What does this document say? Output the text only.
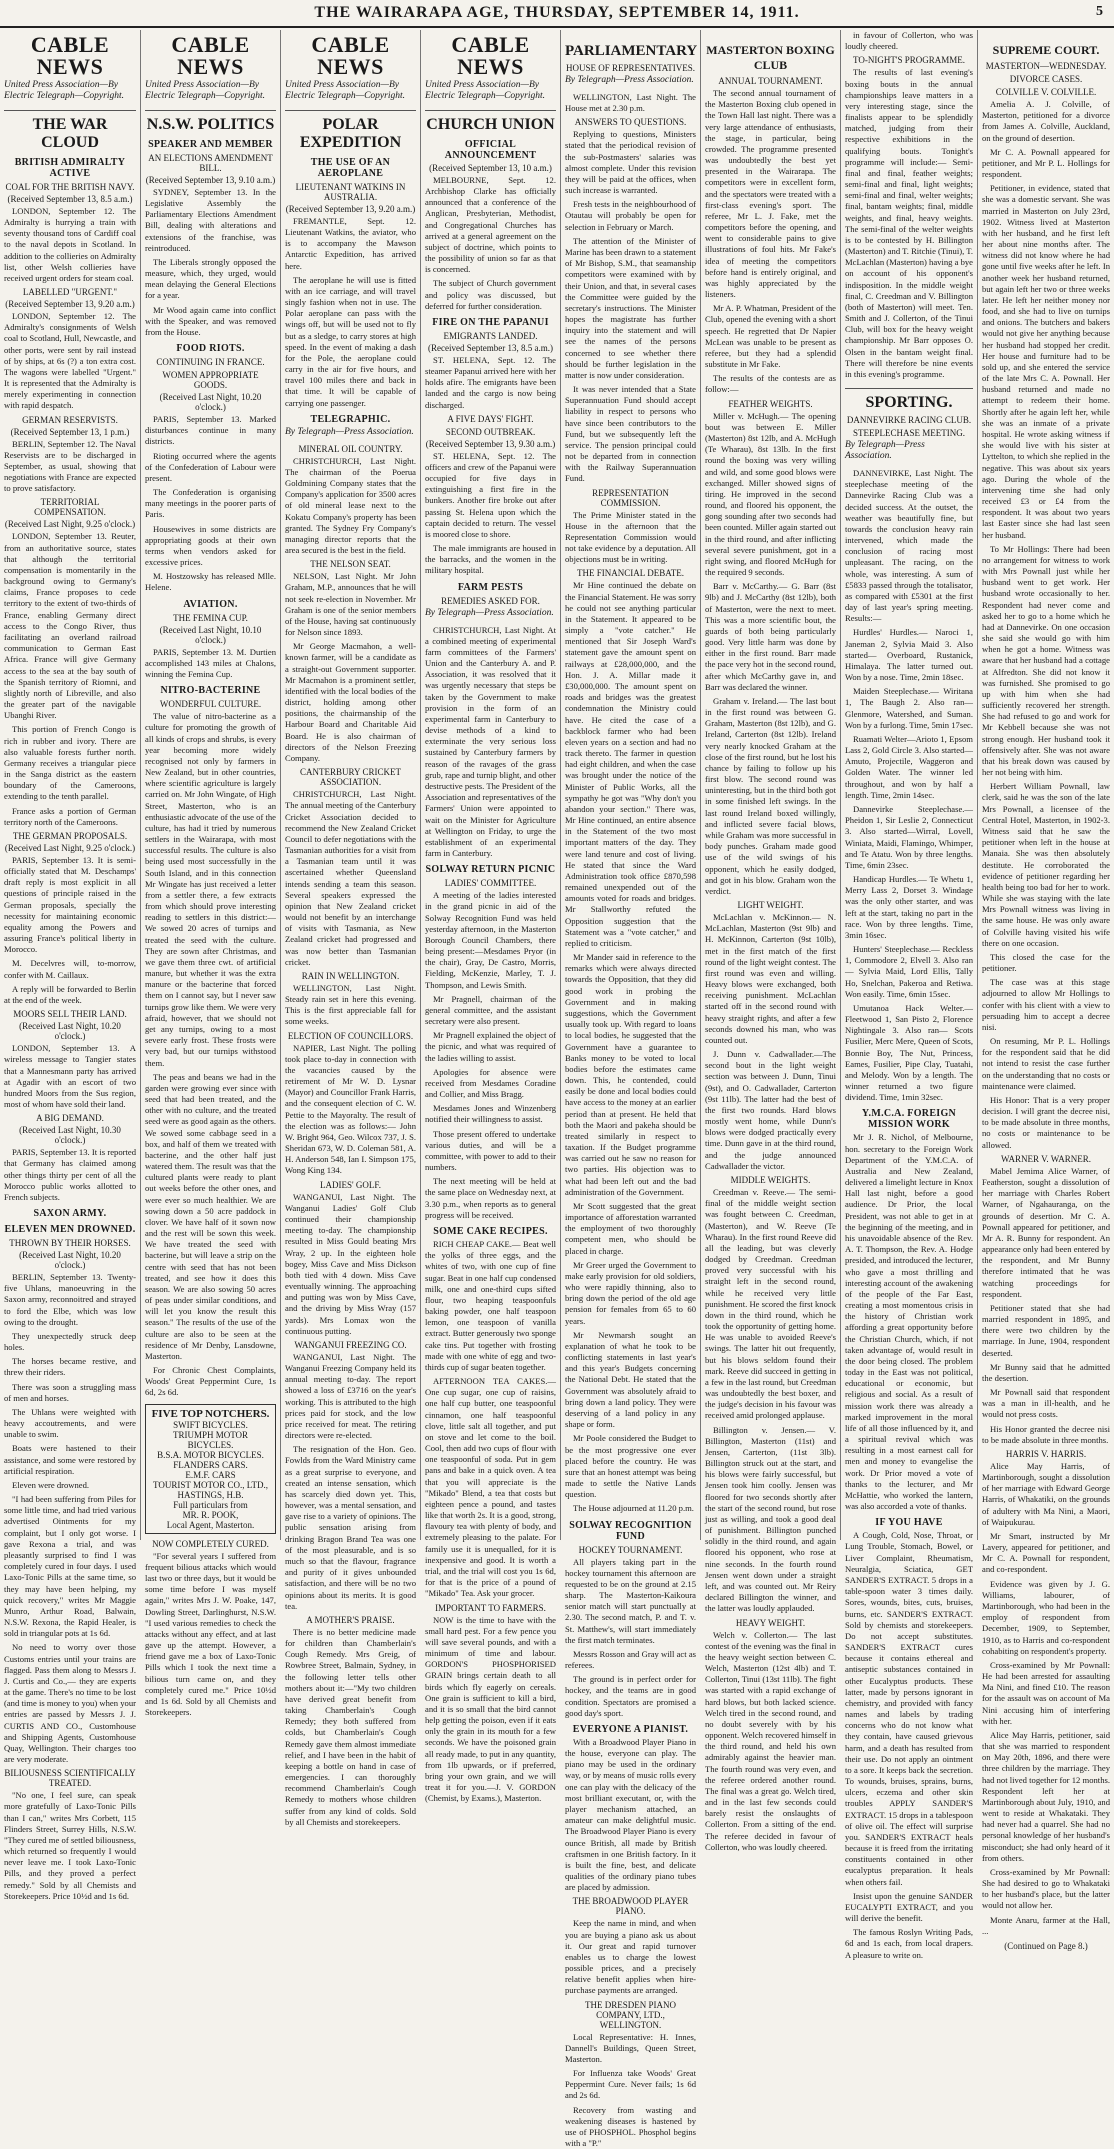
THE WAIRARAPA AGE, THURSDAY, SEPTEMBER 14, 1911.	5
CABLE NEWS
United Press Association—By Electric Telegraph—Copyright.
THE WAR CLOUD
BRITISH ADMIRALTY ACTIVE
COAL FOR THE BRITISH NAVY.
(Received September 13, 8.5 a.m.)

LONDON, September 12. The Admiralty is hurrying a train with seventy thousand tons of Cardiff coal to the naval depots in Scotland. In addition to the collieries on Admiralty list, other Welsh collieries have received urgent orders for steam coal.

LABELLED "URGENT."
(Received September 13, 9.20 a.m.)

LONDON, September 12. The Admiralty's consignments of Welsh coal to Scotland, Hull, Newcastle, and other ports, were sent by rail instead of by ships, at 6s (?) a ton extra cost. The wagons were labelled "Urgent." It is represented that the Admiralty is merely experimenting in connection with rapid despatch.

GERMAN RESERVISTS.
(Received September 13, 1 p.m.)

BERLIN, September 12. The Naval Reservists are to be discharged in September, as usual, showing that negotiations with France are expected to prove satisfactory.

TERRITORIAL COMPENSATION.
(Received Last Night, 9.25 o'clock.)

LONDON, September 13. Reuter, from an authoritative source, states that although the territorial compensation is momentarily in the background owing to Germany's claims, France proposes to cede territory to the extent of two-thirds of France, enabling Germany direct access to the Congo River, thus facilitating an overland railroad communication to German East Africa. France will give Germany access to the sea at the bay south of the Spanish territory of Riomni, and slightly north of Libreville, and also the greater part of the navigable Ubanghi River.

This portion of French Congo is rich in rubber and ivory. There are also valuable forests further north. Germany receives a triangular piece in the Sanga district as the eastern boundary of the Cameroons, extending to the tenth parallel.

France asks a portion of German territory north of the Cameroons.

THE GERMAN PROPOSALS.
(Received Last Night, 9.25 o'clock.)

PARIS, September 13. It is semi-officially stated that M. Deschamps' draft reply is most explicit in all questions of principle raised in the German proposals, specially the necessity for maintaining economic equality among the Powers and assuring France's political liberty in Morocco.

M. Decelvres will, to-morrow, confer with M. Caillaux.

A reply will be forwarded to Berlin at the end of the week.

MOORS SELL THEIR LAND.
(Received Last Night, 10.20 o'clock.)

LONDON, September 13. A wireless message to Tangier states that a Mannesmann party has arrived at Agadir with an escort of two hundred Moors from the Sus region, most of whom have sold their land.

A BIG DEMAND.
(Received Last Night, 10.30 o'clock.)

PARIS, September 13. It is reported that Germany has claimed among other things thirty per cent of all the Morocco public works allotted to French subjects.

SAXON ARMY.
ELEVEN MEN DROWNED.
THROWN BY THEIR HORSES.
(Received Last Night, 10.20 o'clock.)

BERLIN, September 13. Twenty-five Uhlans, manoeuvring in the Saxon army, reconnoitred and strayed to ford the Elbe, which was low owing to the drought.

They unexpectedly struck deep holes.

The horses became restive, and threw their riders.

There was soon a struggling mass of men and horses.

The Uhlans were weighted with heavy accoutrements, and were unable to swim.

Boats were hastened to their assistance, and some were restored by artificial respiration.

Eleven were drowned.

"I had been suffering from Piles for some little time, and had tried various advertised Ointments for my complaint, but I only got worse. I gave Rexona a trial, and was pleasantly surprised to find I was completely cured in four days. I used Laxo-Tonic Pills at the same time, so they may have been helping, my quick recovery," writes Mr Maggie Munro, Arthur Road, Balwain, N.S.W. Rexona, the Rapid Healer, is sold in triangular pots at 1s 6d.

No need to worry over those Customs entries until your trains are flagged. Pass them along to Messrs J. J. Curtis and Co.,— they are experts at the game. There's no time to be lost (and time is money to you) when your entries are passed by Messrs J. J. CURTIS AND CO., Customhouse and Shipping Agents, Customhouse Quay, Wellington. Their charges too are very moderate.

BILIOUSNESS SCIENTIFICALLY TREATED.

"No one, I feel sure, can speak more gratefully of Laxo-Tonic Pills than I can," writes Mrs Corbett, 115 Flinders Street, Surrey Hills, N.S.W. "They cured me of settled biliousness, which returned so frequently I would never leave me. I took Laxo-Tonic Pills, and they proved a perfect remedy." Sold by all Chemists and Storekeepers. Price 10½d and 1s 6d.

CABLE NEWS
United Press Association—By Electric Telegraph—Copyright.
N.S.W. POLITICS
SPEAKER AND MEMBER
AN ELECTIONS AMENDMENT BILL.
(Received September 13, 9.10 a.m.)

SYDNEY, September 13. In the Legislative Assembly the Parliamentary Elections Amendment Bill, dealing with alterations and extensions of the franchise, was reintroduced.

The Liberals strongly opposed the measure, which, they urged, would mean delaying the General Elections for a year.

Mr Wood again came into conflict with the Speaker, and was removed from the House.

FOOD RIOTS.
CONTINUING IN FRANCE.
WOMEN APPROPRIATE GOODS.
(Received Last Night, 10.20 o'clock.)

PARIS, September 13. Marked disturbances continue in many districts.

Rioting occurred where the agents of the Confederation of Labour were present.

The Confederation is organising many meetings in the poorer parts of Paris.

Housewives in some districts are appropriating goods at their own terms when vendors asked for excessive prices.

M. Hostzowsky has released Mlle. Helene.

AVIATION.
THE FEMINA CUP.
(Received Last Night, 10.10 o'clock.)

PARIS, September 13. M. Durtien accomplished 143 miles at Chalons, winning the Femina Cup.

NITRO-BACTERINE
WONDERFUL CULTURE.

The value of nitro-bacterine as a culture for promoting the growth of all kinds of crops and shrubs, is every year becoming more widely recognised not only by farmers in New Zealand, but in other countries, where scientific agriculture is largely carried on. Mr John Wingate, of High Street, Masterton, who is an enthusiastic advocate of the use of the culture, has had it tried by numerous settlers in the Wairarapa, with most successful results. The culture is also being used most successfully in the South Island, and in this connection Mr Wingate has just received a letter from a settler there, a few extracts from which should prove interesting reading to settlers in this district:—We sowed 20 acres of turnips and treated the seed with the culture. They are sown after Christmas, and we gave them three cwt. of artificial manure, but whether it was the extra manure or the bacterine that forced them on I cannot say, but I never saw turnips grow like them. We were very afraid, however, that we should not get any turnips, owing to a most severe early frost. These frosts were very bad, but our turnips withstood them.

The peas and beans we had in the garden were growing ever since with seed that had been treated, and the other with no culture, and the treated seed were as good again as the others. We sowed some cabbage seed in a box, and half of them we treated with bacterine, and the other half just watered them. The result was that the cultured plants were ready to plant out weeks before the other ones, and were ever so much healthier. We are sowing down a 50 acre paddock in clover. We have half of it sown now and the rest will be sown this week. We have treated the seed with bacterine, but will leave a strip on the centre with seed that has not been treated, and see how it does this season. We are also sowing 50 acres of peas under similar conditions, and will let you know the result this season." The results of the use of the culture are also to be seen at the residence of Mr Denby, Lansdowne, Masterton.

For Chronic Chest Complaints, Woods' Great Peppermint Cure, 1s 6d, 2s 6d.

FIVE TOP NOTCHERS.
SWIFT BICYCLES.
TRIUMPH MOTOR BICYCLES.
B.S.A. MOTOR BICYCLES.
FLANDERS CARS.
E.M.F. CARS
TOURIST MOTOR CO., LTD., HASTINGS, H.B.
Full particulars from
MR. R. POOK,
Local Agent, Masterton.
NOW COMPLETELY CURED.

"For several years I suffered from frequent bilious attacks which would last two or three days, but it would be some time before I was myself again," writes Mrs J. W. Poake, 147, Dowling Street, Darlinghurst, N.S.W. "I used various remedies to check the attacks without any effect, and at last gave up the attempt. However, a friend gave me a box of Laxo-Tonic Pills which I took the next time a bilious turn came on, and they completely cured me." Price 10½d and 1s 6d. Sold by all Chemists and Storekeepers.

CABLE NEWS
United Press Association—By Electric Telegraph—Copyright.
POLAR EXPEDITION
THE USE OF AN AEROPLANE
LIEUTENANT WATKINS IN AUSTRALIA.
(Received September 13, 9.20 a.m.)

FREMANTLE, Sept. 12. Lieutenant Watkins, the aviator, who is to accompany the Mawson Antarctic Expedition, has arrived here.

The aeroplane he will use is fitted with an ice carriage, and will travel singly fashion when not in use. The Polar aeroplane can pass with the wings off, but will be used not to fly but as a sledge, to carry stores at high speed. In the event of making a dash for the Pole, the aeroplane could carry in the air for five hours, and travel 100 miles there and back in that time. It will be capable of carrying one passenger.

TELEGRAPHIC.
By Telegraph—Press Association.
MINERAL OIL COUNTRY.

CHRISTCHURCH, Last Night. The chairman of the Poerua Goldmining Company states that the Company's application for 3500 acres of old mineral lease next to the Kokatu Company's property has been granted. The Sydney Fry Company's managing director reports that the area secured is the best in the field.

THE NELSON SEAT.

NELSON, Last Night. Mr John Graham, M.P., announces that he will not seek re-election in November. Mr Graham is one of the senior members of the House, having sat continuously for Nelson since 1893.

Mr George Macmahon, a well-known farmer, will be a candidate as a straight-out Government supporter. Mr Macmahon is a prominent settler, identified with the local bodies of the district, holding among other positions, the chairmanship of the Harbour Board and Charitable Aid Board. He is also chairman of directors of the Nelson Freezing Company.

CANTERBURY CRICKET ASSOCIATION.

CHRISTCHURCH, Last Night. The annual meeting of the Canterbury Cricket Association decided to recommend the New Zealand Cricket Council to defer negotiations with the Tasmanian authorities for a visit from a Tasmanian team until it was ascertained whether Queensland intends sending a team this season. Several speakers expressed the opinion that New Zealand cricket would not benefit by an interchange of visits with Tasmania, as New Zealand cricket had progressed and was now better than Tasmanian cricket.

RAIN IN WELLINGTON.

WELLINGTON, Last Night. Steady rain set in here this evening. This is the first appreciable fall for some weeks.

ELECTION OF COUNCILLORS.

NAPIER, Last Night. The polling took place to-day in connection with the vacancies caused by the retirement of Mr W. D. Lysnar (Mayor) and Councillor Frank Harris, and the consequent election of C. W. Pettie to the Mayoralty. The result of the election was as follows:— John W. Bright 964, Geo. Wilcox 737, J. S. Sheridan 673, W. D. Coleman 581, A. H. Anderson 548, Ian I. Simpson 175, Wong King 134.

LADIES' GOLF.

WANGANUI, Last Night. The Wanganui Ladies' Golf Club continued their championship meeting to-day. The championship resulted in Miss Gould beating Mrs Wray, 2 up. In the eighteen hole bogey, Miss Cave and Miss Dickson both tied with 4 down. Miss Cave eventually winning. The approaching and putting was won by Miss Cave, and the driving by Miss Wray (157 yards). Mrs Lomax won the continuous putting.

WANGANUI FREEZING CO.

WANGANUI, Last Night. The Wanganui Freezing Company held its annual meeting to-day. The report showed a loss of £3716 on the year's working. This is attributed to the high prices paid for stock, and the low price received for meat. The retiring directors were re-elected.

The resignation of the Hon. Geo. Fowlds from the Ward Ministry came as a great surprise to everyone, and created an intense sensation, which has scarcely died down yet. This, however, was a mental sensation, and gave rise to a variety of opinions. The public sensation arising from drinking Bragon Brand Tea was one of the most pleasurable, and is so much so that the flavour, fragrance and purity of it gives unbounded satisfaction, and there will be no two opinions about its merits. It is good tea.

A MOTHER'S PRAISE.

There is no better medicine made for children than Chamberlain's Cough Remedy. Mrs Greig, of Rowbree Street, Balmain, Sydney, in the following letter tells other mothers about it:—"My two children have derived great benefit from taking Chamberlain's Cough Remedy; they both suffered from colds, but Chamberlain's Cough Remedy gave them almost immediate relief, and I have been in the habit of keeping a bottle on hand in case of emergencies. I can thoroughly recommend Chamberlain's Cough Remedy to mothers whose children suffer from any kind of colds. Sold by all Chemists and storekeepers.

CABLE NEWS
United Press Association—By Electric Telegraph—Copyright.
CHURCH UNION
OFFICIAL ANNOUNCEMENT
(Received September 13, 10 a.m.)

MELBOURNE, Sept. 12. Archbishop Clarke has officially announced that a conference of the Anglican, Presbyterian, Methodist, and Congregational Churches has arrived at a general agreement on the subject of doctrine, which points to the possibility of union so far as that is concerned.

The subject of Church government and policy was discussed, but deferred for further consideration.

FIRE ON THE PAPANUI
EMIGRANTS LANDED.
(Received September 13, 8.5 a.m.)

ST. HELENA, Sept. 12. The steamer Papanui arrived here with her holds afire. The emigrants have been landed and the cargo is now being discharged.

A FIVE DAYS' FIGHT.
SECOND OUTBREAK.
(Received September 13, 9.30 a.m.)

ST. HELENA, Sept. 12. The officers and crew of the Papanui were occupied for five days in extinguishing a first fire in the bunkers. Another fire broke out after passing St. Helena upon which the captain decided to return. The vessel is moored close to shore.

The male immigrants are housed in the barracks, and the women in the military hospital.

FARM PESTS
REMEDIES ASKED FOR.
By Telegraph—Press Association.

CHRISTCHURCH, Last Night. At a combined meeting of experimental farm committees of the Farmers' Union and the Canterbury A. and P. Association, it was resolved that it was urgently necessary that steps be taken by the Government to make provision in the form of an experimental farm in Canterbury to devise methods of a kind to exterminate the very serious loss sustained by Canterbury farmers by reason of the ravages of the grass grub, rape and turnip blight, and other destructive pests. The President of the Association and representatives of the Farmers' Union were appointed to wait on the Minister for Agriculture at Wellington on Friday, to urge the establishment of an experimental farm in Canterbury.

SOLWAY RETURN PICNIC
LADIES' COMMITTEE.

A meeting of the ladies interested in the grand picnic in aid of the Solway Recognition Fund was held yesterday afternoon, in the Masterton Borough Council Chambers, there being present:—Mesdames Pryor (in the chair), Gray, De Castro, Morris, Fielding, McKenzie, Marley, T. J. Thompson, and Lewis Smith.

Mr Pragnell, chairman of the general committee, and the assistant secretary were also present.

Mr Pragnell explained the object of the picnic, and what was required of the ladies willing to assist.

Apologies for absence were received from Mesdames Coradine and Collier, and Miss Bragg.

Mesdames Jones and Winzenberg notified their willingness to assist.

Those present offered to undertake various duties, and will be a committee, with power to add to their numbers.

The next meeting will be held at the same place on Wednesday next, at 3.30 p.m., when reports as to general progress will be received.

SOME CAKE RECIPES.

RICH CHEAP CAKE.— Beat well the yolks of three eggs, and the whites of two, with one cup of fine sugar. Beat in one half cup condensed milk, one and one-third cups sifted flour, two heaping teaspoonfuls baking powder, one half teaspoon lemon, one teaspoon of vanilla extract. Butter generously two sponge cake tins. Put together with frosting made with one white of egg and two-thirds cup of sugar beaten together.

AFTERNOON TEA CAKES.—One cup sugar, one cup of raisins, one half cup butter, one teaspoonful cinnamon, one half teaspoonful clove, little salt all together, and put on stove and let come to the boil. Cool, then add two cups of flour with one teaspoonful of soda. Put in gem pans and bake in a quick oven. A tea that you will appreciate is the "Mikado" Blend, a tea that costs but eighteen pence a pound, and tastes like that worth 2s. It is a good, strong, flavoury tea with plenty of body, and extremely pleasing to the palate. For family use it is unequalled, for it is inexpensive and good. It is worth a trial, and the trial will cost you 1s 6d, for that is the price of a pound of "Mikado" Tea. Ask your grocer.

IMPORTANT TO FARMERS.

NOW is the time to have with the small hard pest. For a few pence you will save several pounds, and with a minimum of time and labour. GORDON'S PHOSPHORISED GRAIN brings certain death to all birds which fly eagerly on cereals. One grain is sufficient to kill a bird, and it is so small that the bird cannot help getting the poison, even if it eats only the grain in its mouth for a few seconds. We have the poisoned grain all ready made, to put in any quantity, from 1lb upwards, or if preferred, bring your own grain, and we will treat it for you.—J. V. GORDON (Chemist, by Exams.), Masterton.

PARLIAMENTARY
HOUSE OF REPRESENTATIVES.
By Telegraph—Press Association.

WELLINGTON, Last Night. The House met at 2.30 p.m.

ANSWERS TO QUESTIONS.

Replying to questions, Ministers stated that the periodical revision of the sub-Postmasters' salaries was almost complete. Under this revision they will be paid at the offices, when such increase is warranted.

Fresh tests in the neighbourhood of Otautau will probably be open for selection in February or March.

The attention of the Minister of Marine has been drawn to a statement of Mr Bishop, S.M., that seamanship competitors were examined with by their Union, and that, in several cases the Committee were guided by the secretary's instructions. The Minister hopes the magistrate has further inquiry into the statement and will see the names of the persons concerned to see whether there should be further legislation in the matter is now under consideration.

It was never intended that a State Superannuation Fund should accept liability in respect to persons who have since been contributors to the Fund, but we subsequently left the service. The pension principal could not be departed from in connection with the Railway Superannuation Fund.

REPRESENTATION COMMISSION.

The Prime Minister stated in the House in the afternoon that the Representation Commission would not take evidence by a deputation. All objections must be in writing.

THE FINANCIAL DEBATE.

Mr Hine continued the debate on the Financial Statement. He was sorry he could not see anything particular in the Statement. It appeared to be simply a "vote catcher." He mentioned that Sir Joseph Ward's statement gave the amount spent on railways at £28,000,000, and the Hon. J. A. Millar made it £30,000,000. The amount spent on roads and bridges was the greatest condemnation the Ministry could have. He cited the case of a backblock farmer who had been eleven years on a section and had no track thereto. The farmer in question had eight children, and when the case was brought under the notice of the Minister of Public Works, all the sympathy he got was "Why don't you abandon your section." There was, Mr Hine continued, an entire absence in the Statement of the two most important matters of the day. They were land tenure and cost of living. He stated that since the Ward Administration took office £870,598 remained unexpended out of the amounts voted for roads and bridges. Mr Stallworthy refuted the Opposition suggestion that the Statement was a "vote catcher," and replied to criticism.

Mr Mander said in reference to the remarks which were always directed towards the Opposition, that they did good work in probing the Government and in making suggestions, which the Government usually took up. With regard to loans to local bodies, he suggested that the Government have a guarantee to Banks money to be voted to local bodies before the estimates came down. This, he contended, could easily be done and local bodies could have access to the money at an earlier period than at present. He held that both the Maori and pakeha should be treated similarly in respect to taxation. If the Budget programme was carried out he saw no reason for two parties. His objection was to what had been left out and the bad administration of the Government.

Mr Scott suggested that the great importance of afforestation warranted the employment of two thoroughly competent men, who should be placed in charge.

Mr Greer urged the Government to make early provision for old soldiers, who were rapidly thinning, also to bring down the period of the old age pension for females from 65 to 60 years.

Mr Newmarsh sought an explanation of what he took to be conflicting statements in last year's and this year's Budgets concerning the National Debt. He stated that the Government was absolutely afraid to bring down a land policy. They were deserving of a land policy in any shape or form.

Mr Poole considered the Budget to be the most progressive one ever placed before the country. He was sure that an honest attempt was being made to settle the Native Lands question.

The House adjourned at 11.20 p.m.

SOLWAY RECOGNITION FUND
HOCKEY TOURNAMENT.

All players taking part in the hockey tournament this afternoon are requested to be on the ground at 2.15 sharp. The Masterton-Kaikoura senior match will start punctually at 2.30. The second match, P. and T. v. St. Matthew's, will start immediately the first match terminates.

Messrs Rosson and Gray will act as referees.

The ground is in perfect order for hockey, and the teams are in good condition. Spectators are promised a good day's sport.

EVERYONE A PIANIST.

With a Broadwood Player Piano in the house, everyone can play. The piano may be used in the ordinary way, or by means of music rolls every one can play with the delicacy of the most brilliant executant, or, with the player mechanism attached, an amateur can make delightful music. The Broadwood Player Piano is every ounce British, all made by British craftsmen in one British factory. In it is built the fine, best, and delicate qualities of the ordinary piano tubes are placed by admission.

THE BROADWOOD PLAYER PIANO.

Keep the name in mind, and when you are buying a piano ask us about it. Our great and rapid turnover enables us to charge the lowest possible prices, and a precisely relative benefit applies when hire-purchase payments are arranged.

THE DRESDEN PIANO COMPANY, LTD., WELLINGTON.

Local Representative: H. Innes, Dannell's Buildings, Queen Street, Masterton.

For Influenza take Woods' Great Peppermint Cure. Never fails; 1s 6d and 2s 6d.

Recovery from wasting and weakening diseases is hastened by use of PHOSPHOL. Phosphol begins with a "P."

MASTERTON BOXING CLUB
ANNUAL TOURNAMENT.

The second annual tournament of the Masterton Boxing club opened in the Town Hall last night. There was a very large attendance of enthusiasts, the stage, in particular, being crowded. The programme presented was undoubtedly the best yet presented in the Wairarapa. The competitors were in excellent form, and the spectators were treated with a first-class evening's sport. The referee, Mr L. J. Fake, met the competitors before the opening, and went to considerable pains to give illustrations of foul hits. Mr Fake's idea of meeting the competitors before hand is entirely original, and was highly appreciated by the listeners.

Mr A. P. Whatman, President of the Club, opened the evening with a short speech. He regretted that Dr Napier McLean was unable to be present as referee, but they had a splendid substitute in Mr Fake.

The results of the contests are as follow:—

FEATHER WEIGHTS.

Miller v. McHugh.— The opening bout was between E. Miller (Masterton) 8st 12lb, and A. McHugh (Te Wharau), 8st 13lb. In the first round the boxing was very willing and wild, and some good blows were exchanged. Miller showed signs of tiring. He improved in the second round, and floored his opponent, the gong sounding after two seconds had been counted. Miller again started out in the third round, and after inflicting several severe punishment, got in a right swing, and floored McHugh for the required 9 seconds.

Barr v. McCarthy.— G. Barr (8st 9lb) and J. McCarthy (8st 12lb), both of Masterton, were the next to meet. This was a more scientific bout, the guards of both being particularly good. Very little harm was done by either in the first round. Barr made the pace very hot in the second round, after which McCarthy gave in, and Barr was declared the winner.

Graham v. Ireland.— The last bout in the first round was between G. Graham, Masterton (8st 12lb), and G. Ireland, Carterton (8st 12lb). Ireland very nearly knocked Graham at the close of the first round, but he lost his chance by failing to follow up his first blow. The second round was uninteresting, but in the third both got in some finished left swings. In the last round Ireland boxed willingly, and inflicted severe facial blows, while Graham was more successful in body punches. Graham made good use of the wild swings of his opponent, which he easily dodged, and got in his blow. Graham won the verdict.

LIGHT WEIGHT.

McLachlan v. McKinnon.— N. McLachlan, Masterton (9st 9lb) and H. McKinnon, Carterton (9st 10lb), met in the first match of the first round of the light weight contest. The first round was even and willing. Heavy blows were exchanged, both receiving punishment. McLachlan started off in the second round with heavy straight rights, and after a few seconds downed his man, who was counted out.

J. Dunn v. Cadwallader.—The second bout in the light weight section was between J. Dunn, Tinui (9st), and O. Cadwallader, Carterton (9st 11lb). The latter had the best of the first two rounds. Hard blows mostly went home, while Dunn's blows were dodged practically every time. Dunn gave in at the third round, and the judge announced Cadwallader the victor.

MIDDLE WEIGHTS.

Creedman v. Reeve.— The semi-final of the middle weight section was fought between C. Creedman, (Masterton), and W. Reeve (Te Wharau). In the first round Reeve did all the leading, but was cleverly dodged by Creedman. Creedman proved very successful with his straight left in the second round, while he received very little punishment. He scored the first knock down in the third round, which he took the opportunity of getting home. He was unable to avoided Reeve's swings. The latter hit out frequently, but his blows seldom found their mark. Reeve did succeed in getting in a few in the last round, but Creedman was undoubtedly the best boxer, and the judge's decision in his favour was received amid prolonged applause.

Billington v. Jensen.— V. Billington, Masterton (11st) and Jensen, Carterton, (11st 3lb). Billington struck out at the start, and his blows were fairly successful, but Jensen took him coolly. Jensen was floored for two seconds shortly after the start of the second round, but rose just as willing, and took a good deal of punishment. Billington punched solidly in the third round, and again floored his opponent, who rose at nine seconds. In the fourth round Jensen went down under a straight left, and was counted out. Mr Reiry declared Billington the winner, and the latter was loudly applauded.

HEAVY WEIGHT.

Welch v. Collerton.— The last contest of the evening was the final in the heavy weight section between C. Welch, Masterton (12st 4lb) and T. Collerton, Tinui (13st 11lb). The fight was started with a rapid exchange of hard blows, but both lacked science. Welch tired in the second round, and no doubt severely with by his opponent. Welch recovered himself in the third round, and held his own admirably against the heavier man. The fourth round was very even, and the referee ordered another round. The final was a great go. Welch tired, and in the last few seconds could barely resist the onslaughts of Collerton. From a sitting of the end. The referee decided in favour of Collerton, who was loudly cheered.

in favour of Collerton, who was loudly cheered.

TO-NIGHT'S PROGRAMME.

The results of last evening's boxing bouts in the annual championships leave matters in a very interesting stage, since the finalists appear to be splendidly matched, judging from their respective exhibitions in the qualifying bouts. Tonight's programme will include:— Semi-final and final, feather weights; semi-final and final, light weights; semi-final and final, welter weights; final, bantam weights; final, middle weights, and final, heavy weights. The semi-final of the welter weights is to be contested by H. Billington (Masterton) and T. Ritchie (Tinui), T. McLachlan (Masterton) having a bye on account of his opponent's indisposition. In the middle weight final, C. Creedman and V. Billington (both of Masterton) will meet. Ten. Smith and J. Collerton, of the Tinui Club, will box for the heavy weight championship. Mr Barr opposes O. Olsen in the bantam weight final. There will therefore be nine events in this evening's programme.

SPORTING.
DANNEVIRKE RACING CLUB.
STEEPLECHASE MEETING.
By Telegraph—Press Association.

DANNEVIRKE, Last Night. The steeplechase meeting of the Dannevirke Racing Club was a decided success. At the outset, the weather was beautifully fine, but towards the conclusion heavy rain intervened, which made the conclusion of racing most unpleasant. The racing, on the whole, was interesting. A sum of £5833 passed through the totalisator, as compared with £5301 at the first day of last year's spring meeting. Results:—

Hurdles' Hurdles.— Naroci 1, Janeman 2, Sylvia Maid 3. Also started— Overboard, Rustanick, Himalaya. The latter turned out. Won by a nose. Time, 2min 18sec.

Maiden Steeplechase.— Wiritana 1, The Baugh 2. Also ran—Glenmore, Watershed, and Suman. Won by a furlong. Time, 5min 17sec.

Ruamati Welter—Arioto 1, Epsom Lass 2, Gold Circle 3. Also started—Amuto, Projectile, Waggeron and Golden Water. The winner led throughout, and won by half a length. Time, 2min 14sec.

Dannevirke Steeplechase.— Pheidon 1, Sir Leslie 2, Connecticut 3. Also started—Wirral, Lovell, Winiata, Maidi, Flamingo, Whimper, and Te Atatu. Won by three lengths. Time, 6min 23sec.

Handicap Hurdles.— Te Whetu 1, Merry Lass 2, Dorset 3. Windage was the only other starter, and was left at the start, taking no part in the race. Won by three lengths. Time, 3min 16sec.

Hunters' Steeplechase.— Reckless 1, Commodore 2, Elvell 3. Also ran— Sylvia Maid, Lord Ellis, Tally Ho, Snelchan, Pakeroa and Retiwa. Won easily. Time, 6min 15sec.

Umutanoa Hack Welter.— Fleetwood 1, San Pisto 2, Florence Nightingale 3. Also ran— Scots Fusilier, Merc Mere, Queen of Scots, Bonnie Boy, The Nut, Princess, Eames, Fusilier, Pipe Clay, Tuatahi, and Melody. Won by a length. The winner returned a two figure dividend. Time, 1min 32sec.

Y.M.C.A. FOREIGN MISSION WORK

Mr J. R. Nichol, of Melbourne, hon. secretary to the Foreign Work Department of the Y.M.C.A. of Australia and New Zealand, delivered a limelight lecture in Knox Hall last night, before a good audience. Dr Prior, the local President, was not able to get in at the beginning of the meeting, and in his unavoidable absence of the Rev. A. T. Thompson, the Rev. A. Hodge presided, and introduced the lecturer, who gave a most thrilling and interesting account of the awakening of the people of the Far East, creating a most momentous crisis in the history of Christian work affording a great opportunity before the Christian Church, which, if not taken advantage of, would result in the door being closed. The problem today in the East was not political, educational or economic, but religious and social. As a result of mission work there was already a marked improvement in the moral life of all those influenced by it, and a spiritual revival which was resulting in a most earnest call for men and money to evangelise the work. Dr Prior moved a vote of thanks to the lecturer, and Mr McHattie, who worked the lantern, was also accorded a vote of thanks.

IF YOU HAVE

A Cough, Cold, Nose, Throat, or Lung Trouble, Stomach, Bowel, or Liver Complaint, Rheumatism, Neuralgia, Sciatica, GET SANDER'S EXTRACT. 5 drops in a table-spoon water 3 times daily. Sores, wounds, bites, cuts, bruises, burns, etc. SANDER'S EXTRACT. Sold by chemists and storekeepers. Do not accept substitutes. SANDER'S EXTRACT cures because it contains ethereal and antiseptic substances contained in other Eucalyptus products. These latter, made by persons ignorant in chemistry, and provided with fancy names and labels by trading concerns who do not know what they contain, have caused grievous harm, and a death has resulted from their use. Do not apply an ointment to a sore. It keeps back the secretion. To wounds, bruises, sprains, burns, ulcers, eczema and other skin troubles APPLY SANDER'S EXTRACT. 15 drops in a tablespoon of olive oil. The effect will surprise you. SANDER'S EXTRACT heals because it is freed from the irritating constituents contained in other eucalyptus preparation. It heals when others fail.

Insist upon the genuine SANDER EUCALYPTI EXTRACT, and you will derive the benefit.

The famous Roslyn Writing Pads, 6d and 1s each, from local drapers. A pleasure to write on.

SUPREME COURT.
MASTERTON—WEDNESDAY.
DIVORCE CASES.
COLVILLE V. COLVILLE.

Amelia A. J. Colville, of Masterton, petitioned for a divorce from James A. Colville, Auckland, on the ground of desertion.

Mr C. A. Pownall appeared for petitioner, and Mr P. L. Hollings for respondent.

Petitioner, in evidence, stated that she was a domestic servant. She was married in Masterton on July 23rd, 1902. Witness lived at Masterton with her husband, and he first left her about nine months after. The witness did not know where he had gone until five weeks after he left. In another week her husband returned, but again left her two or three weeks later. He left her neither money nor food, and she had to live on turnips and onions. The butchers and bakers would not give her anything because her husband had stopped her credit. Her house and furniture had to be sold up, and she entered the service of the late Mrs C. A. Pownall. Her husband returned and made no attempt to redeem their home. Shortly after he again left her, while she was an inmate of a private hospital. He wrote asking witness if she would live with his sister at Lyttelton, to which she replied in the negative. This was about six years ago. During the whole of the intervening time she had only received £3 or £4 from the respondent. It was about two years last Easter since she had last seen her husband.

To Mr Hollings: There had been no arrangement for witness to work with Mrs Pownall just while her husband went to get work. Her husband wrote occasionally to her. Respondent had never come and asked her to go to a home which he had at Dannevirke. On one occasion she said she would go with him when he got a home. Witness was aware that her husband had a cottage at Alfredton. She did not know it was furnished. She promised to go up with him when she had sufficiently recovered her strength. She had refused to go and work for Mr Kebbell because she was not strong enough. Her husband took it offensively after. She was not aware that his break down was caused by her not being with him.

Herbert William Pownall, law clerk, said he was the son of the late Mrs Pownall, a licensee of the Central Hotel, Masterton, in 1902-3. Witness said that he saw the petitioner when left in the house at Manaia. She was then absolutely destitute. He corroborated the evidence of petitioner regarding her health being too bad for her to work. While she was staying with the late Mrs Pownall witness was living in the same house. He was only aware of Colville having visited his wife there on one occasion.

This closed the case for the petitioner.

The case was at this stage adjourned to allow Mr Hollings to confer with his client with a view to persuading him to accept a decree nisi.

On resuming, Mr P. L. Hollings for the respondent said that he did not intend to resist the case further on the understanding that no costs or maintenance were claimed.

His Honor: That is a very proper decision. I will grant the decree nisi, to be made absolute in three months, no costs or maintenance to be allowed.

WARNER V. WARNER.

Mabel Jemima Alice Warner, of Featherston, sought a dissolution of her marriage with Charles Robert Warner, of Ngahauranga, on the grounds of desertion. Mr C. A. Pownall appeared for petitioner, and Mr A. R. Bunny for respondent. An appearance only had been entered by the respondent, and Mr Bunny therefore intimated that he was watching proceedings for respondent.

Petitioner stated that she had married respondent in 1895, and there were two children by the marriage. In June, 1904, respondent deserted.

Mr Bunny said that he admitted the desertion.

Mr Pownall said that respondent was a man in ill-health, and he would not press costs.

His Honor granted the decree nisi to be made absolute in three months.

HARRIS V. HARRIS.

Alice May Harris, of Martinborough, sought a dissolution of her marriage with Edward George Harris, of Whakatiki, on the grounds of adultery with Ma Nini, a Maori, of Waipukurau.

Mr Smart, instructed by Mr Lavery, appeared for petitioner, and Mr C. A. Pownall for respondent, and co-respondent.

Evidence was given by J. G. Williams, labourer, of Martinborough, who had been in the employ of respondent from December, 1909, to September, 1910, as to Harris and co-respondent cohabiting on respondent's property.

Cross-examined by Mr Pownall: He had been arrested for assaulting Ma Nini, and fined £10. The reason for the assault was on account of Ma Nini accusing him of interfering with her.

Alice May Harris, petitioner, said that she was married to respondent on May 20th, 1896, and there were three children by the marriage. They had not lived together for 12 months. Respondent left her at Martinborough about July, 1910, and went to reside at Whakataki. They had never had a quarrel. She had no personal knowledge of her husband's misconduct; she had only heard of it from others.

Cross-examined by Mr Pownall: She had desired to go to Whakataki to her husband's place, but the latter would not allow her.

Monte Anaru, farmer at the Hall, ...

(Continued on Page 8.)
